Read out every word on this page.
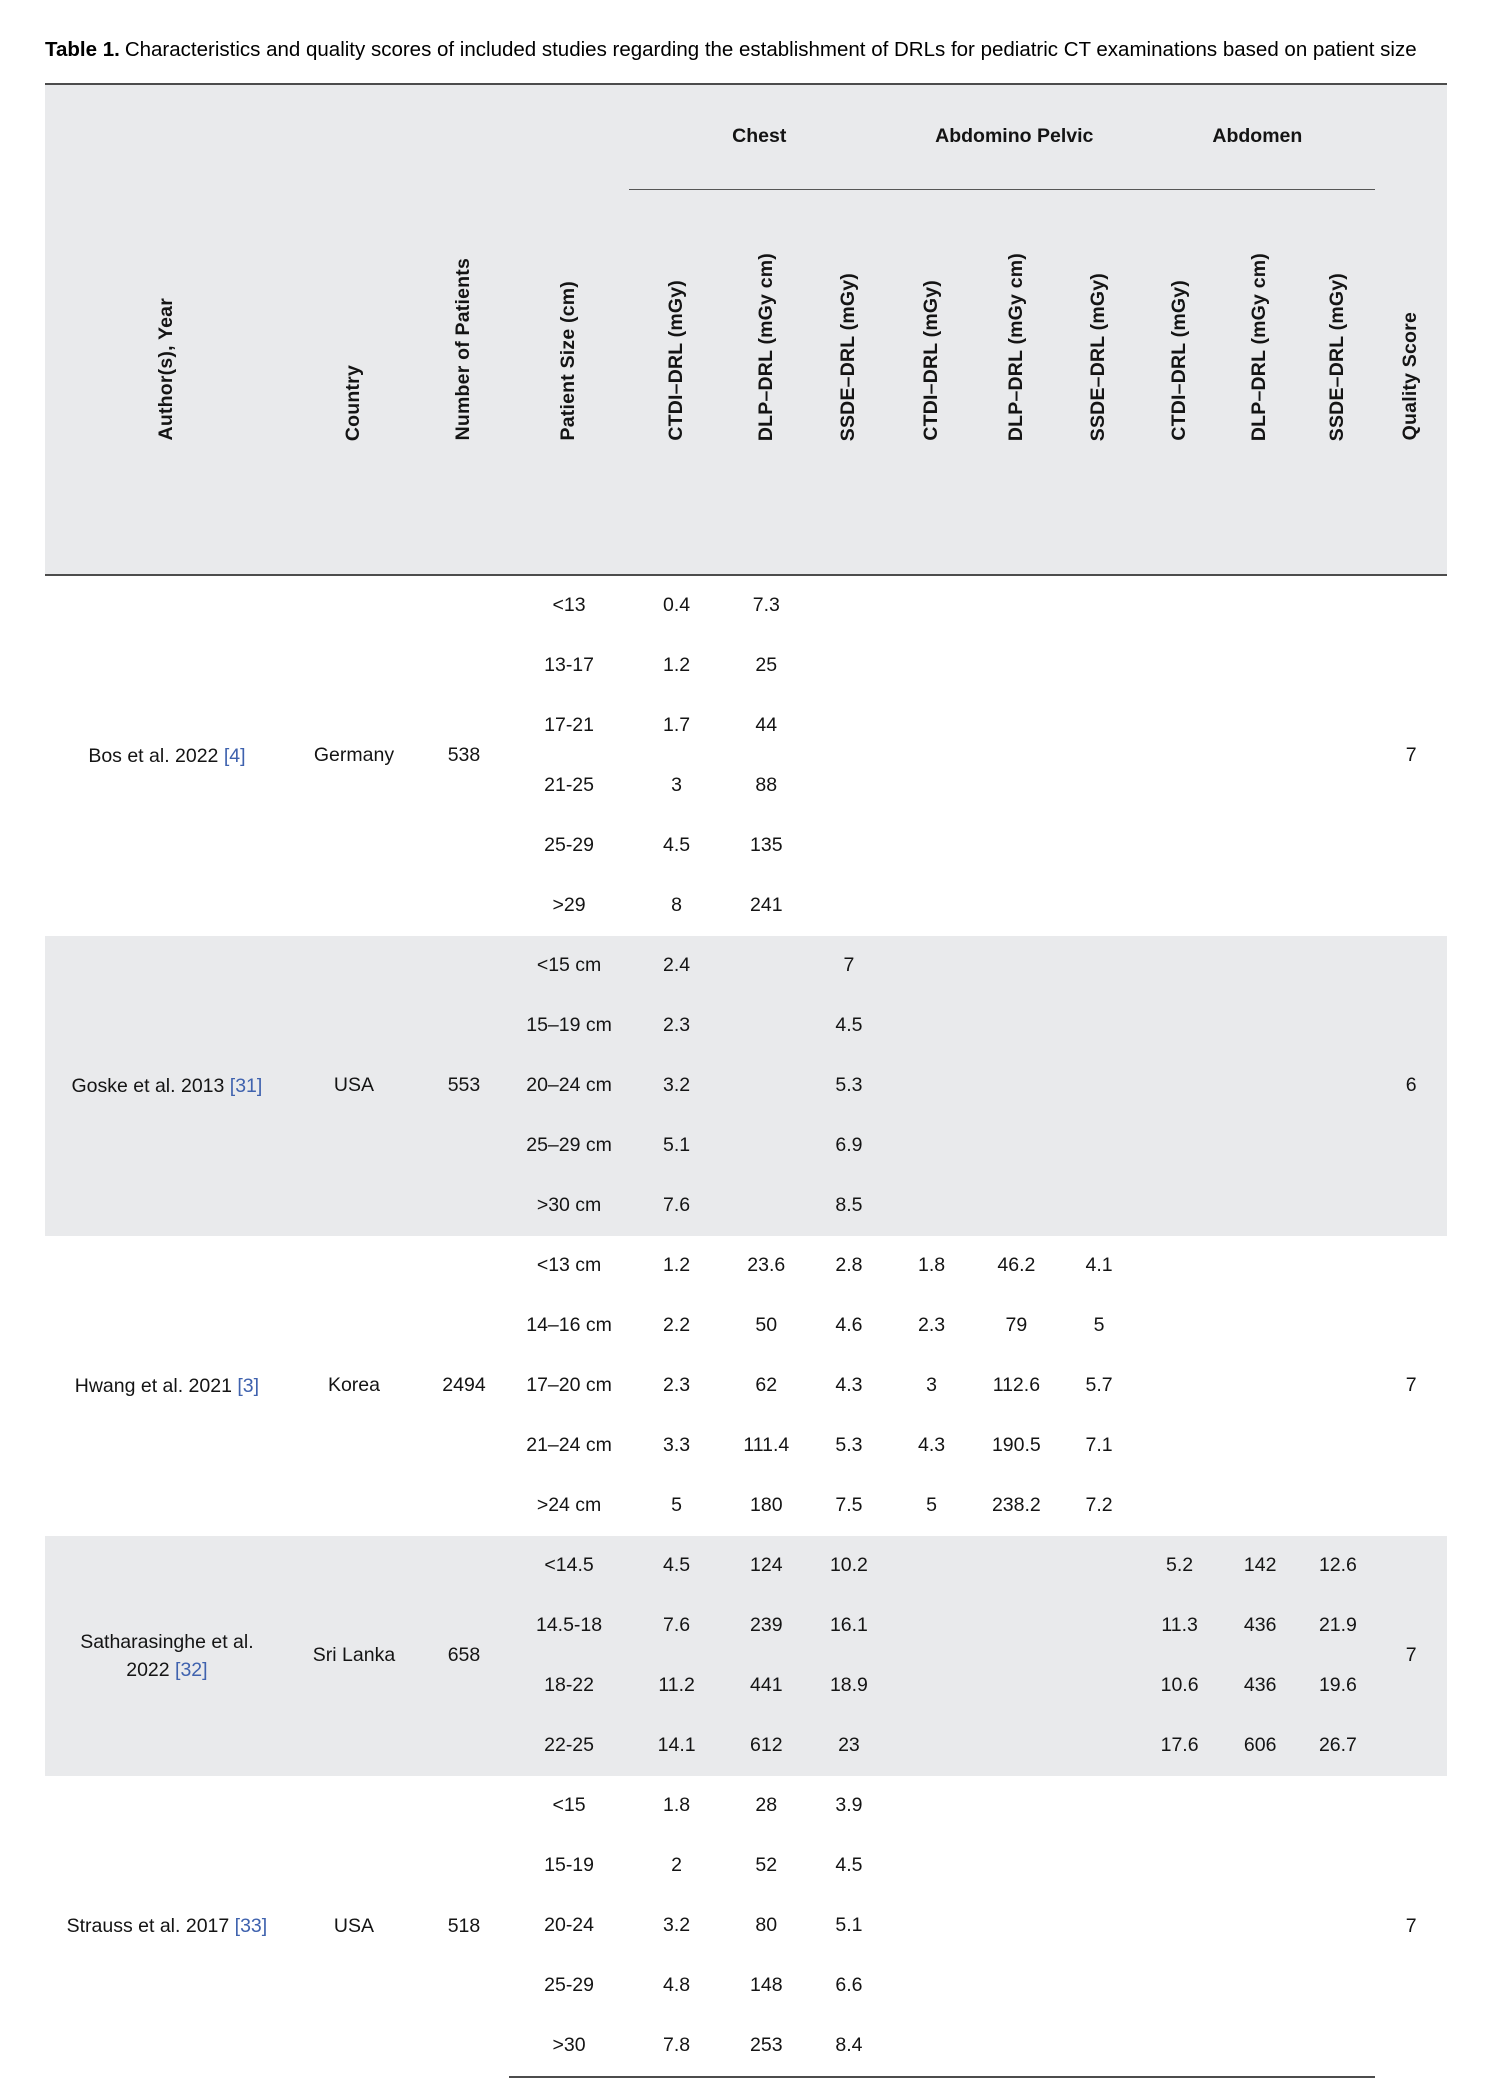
Table 1. Characteristics and quality scores of included studies regarding the establishment of DRLs for pediatric CT examinations based on patient size

Author(s), Year	Country	Number of Patients	Patient Size (cm)	Chest			Abdomino Pelvic			Abdomen			Quality Score
				CTDI–DRL (mGy)	DLP–DRL (mGy cm)	SSDE–DRL (mGy)	CTDI–DRL (mGy)	DLP–DRL (mGy cm)	SSDE–DRL (mGy)	CTDI–DRL (mGy)	DLP–DRL (mGy cm)	SSDE–DRL (mGy)	
Bos et al. 2022 [4]	Germany	538	<13	0.4	7.3								7
			13-17	1.2	25								
			17-21	1.7	44								
			21-25	3	88								
			25-29	4.5	135								
			>29	8	241								
Goske et al. 2013 [31]	USA	553	<15 cm	2.4		7							6
			15–19 cm	2.3		4.5							
			20–24 cm	3.2		5.3							
			25–29 cm	5.1		6.9							
			>30 cm	7.6		8.5							
Hwang et al. 2021 [3]	Korea	2494	<13 cm	1.2	23.6	2.8	1.8	46.2	4.1				7
			14–16 cm	2.2	50	4.6	2.3	79	5				
			17–20 cm	2.3	62	4.3	3	112.6	5.7				
			21–24 cm	3.3	111.4	5.3	4.3	190.5	7.1				
			>24 cm	5	180	7.5	5	238.2	7.2				
Satharasinghe et al.
2022 [32]	Sri Lanka	658	<14.5	4.5	124	10.2				5.2	142	12.6	7
			14.5-18	7.6	239	16.1				11.3	436	21.9	
			18-22	11.2	441	18.9				10.6	436	19.6	
			22-25	14.1	612	23				17.6	606	26.7	
Strauss et al. 2017 [33]	USA	518	<15	1.8	28	3.9							7
			15-19	2	52	4.5							
			20-24	3.2	80	5.1							
			25-29	4.8	148	6.6							
			>30	7.8	253	8.4							
